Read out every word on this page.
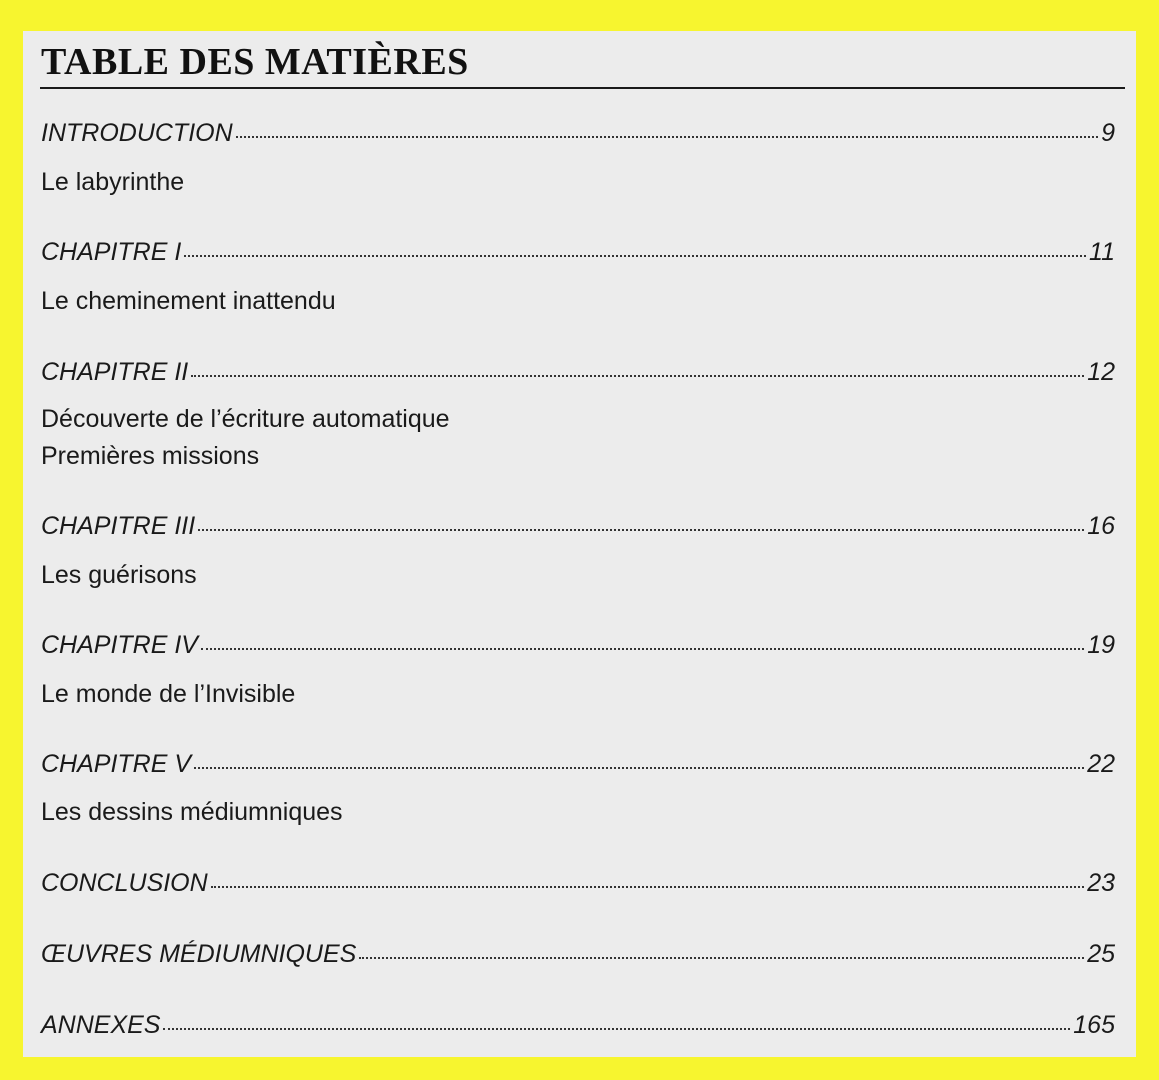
TABLE DES MATIÈRES
INTRODUCTION	9
Le labyrinthe
CHAPITRE I	11
Le cheminement inattendu
CHAPITRE II	12
Découverte de l’écriture automatique
Premières missions
CHAPITRE III	16
Les guérisons
CHAPITRE IV	19
Le monde de l’Invisible
CHAPITRE V	22
Les dessins médiumniques
CONCLUSION	23
ŒUVRES MÉDIUMNIQUES	25
ANNEXES	165
